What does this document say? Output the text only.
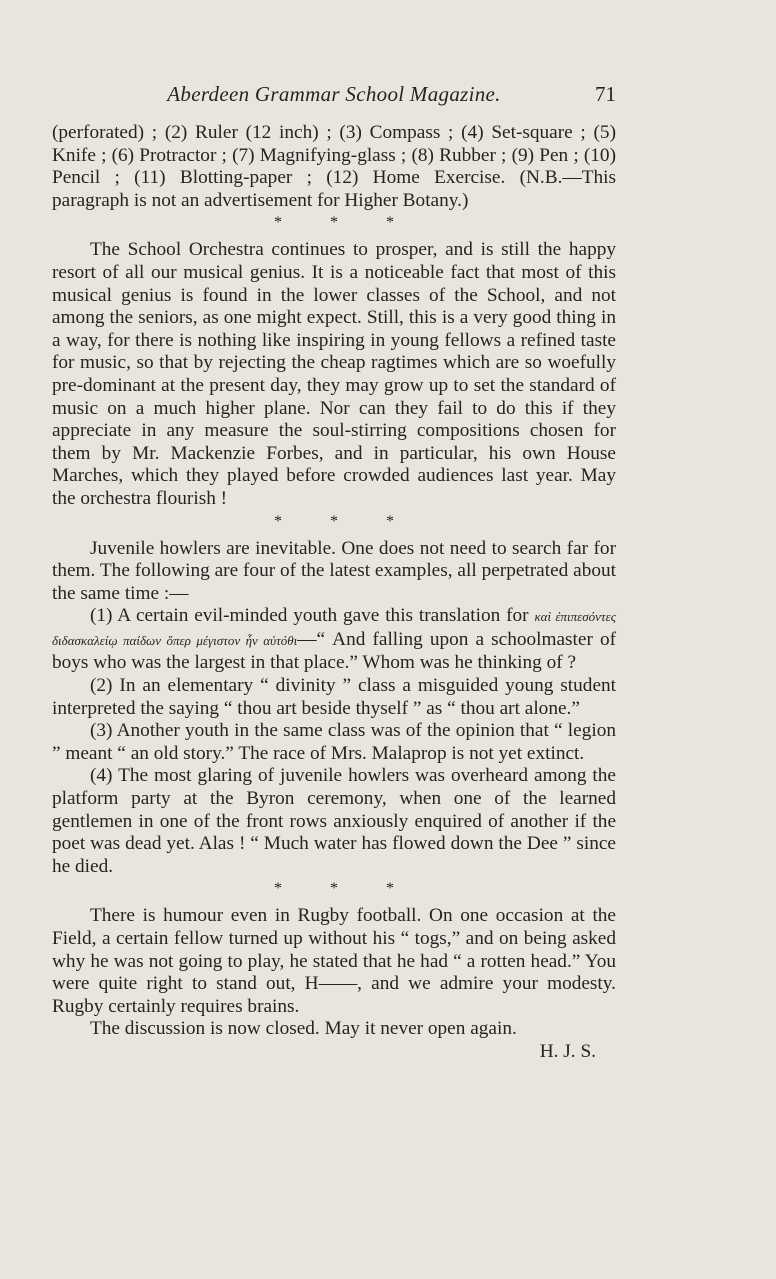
Aberdeen Grammar School Magazine.	71

(perforated) ; (2) Ruler (12 inch) ; (3) Compass ; (4) Set-square ; (5) Knife ; (6) Protractor ; (7) Magnifying-glass ; (8) Rubber ; (9) Pen ; (10) Pencil ; (11) Blotting-paper ; (12) Home Exercise. (N.B.—This paragraph is not an advertisement for Higher Botany.)

* * *

The School Orchestra continues to prosper, and is still the happy resort of all our musical genius. It is a noticeable fact that most of this musical genius is found in the lower classes of the School, and not among the seniors, as one might expect. Still, this is a very good thing in a way, for there is nothing like inspiring in young fellows a refined taste for music, so that by rejecting the cheap ragtimes which are so woefully pre-dominant at the present day, they may grow up to set the standard of music on a much higher plane. Nor can they fail to do this if they appreciate in any measure the soul-stirring compositions chosen for them by Mr. Mackenzie Forbes, and in particular, his own House Marches, which they played before crowded audiences last year. May the orchestra flourish !

* * *

Juvenile howlers are inevitable. One does not need to search far for them. The following are four of the latest examples, all perpetrated about the same time :—

(1) A certain evil-minded youth gave this translation for καὶ ἐπιπεσόντες διδασκαλείῳ παίδων ὅπερ μέγιστον ἦν αὐτόθι—“ And falling upon a schoolmaster of boys who was the largest in that place.” Whom was he thinking of ?

(2) In an elementary “ divinity ” class a misguided young student interpreted the saying “ thou art beside thyself ” as “ thou art alone.”

(3) Another youth in the same class was of the opinion that “ legion ” meant “ an old story.” The race of Mrs. Malaprop is not yet extinct.

(4) The most glaring of juvenile howlers was overheard among the platform party at the Byron ceremony, when one of the learned gentlemen in one of the front rows anxiously enquired of another if the poet was dead yet. Alas ! “ Much water has flowed down the Dee ” since he died.

* * *

There is humour even in Rugby football. On one occasion at the Field, a certain fellow turned up without his “ togs,” and on being asked why he was not going to play, he stated that he had “ a rotten head.” You were quite right to stand out, H——, and we admire your modesty. Rugby certainly requires brains.

The discussion is now closed. May it never open again.

H. J. S.
